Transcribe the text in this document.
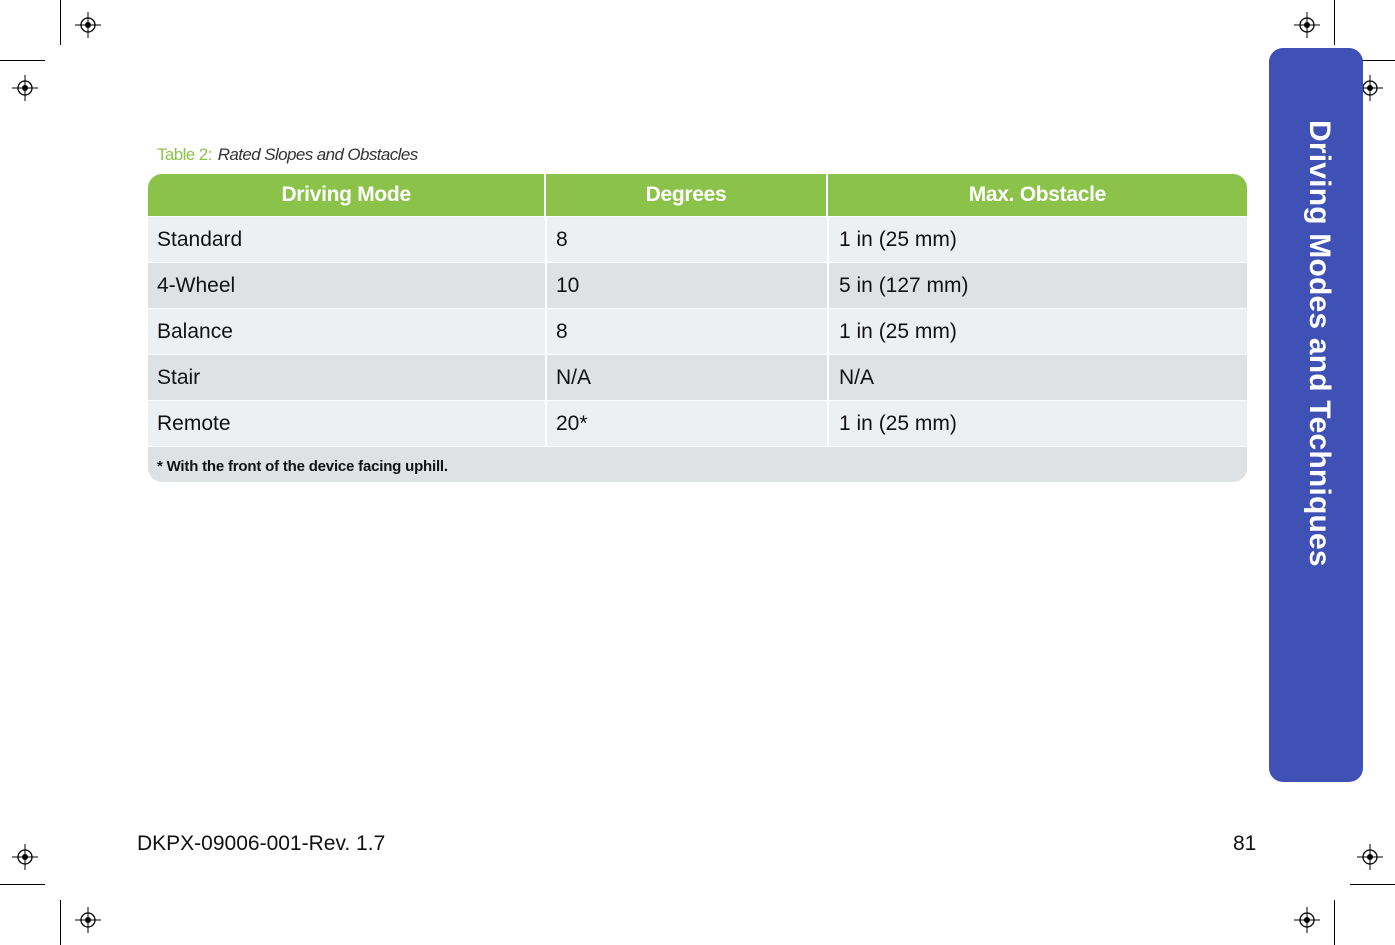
Driving Modes and Techniques
Table 2: Rated Slopes and Obstacles
Driving Mode	Degrees	Max. Obstacle
Standard	8	1 in (25 mm)
4-Wheel	10	5 in (127 mm)
Balance	8	1 in (25 mm)
Stair	N/A	N/A
Remote	20*	1 in (25 mm)
* With the front of the device facing uphill.
DKPX-09006-001-Rev. 1.7	81
